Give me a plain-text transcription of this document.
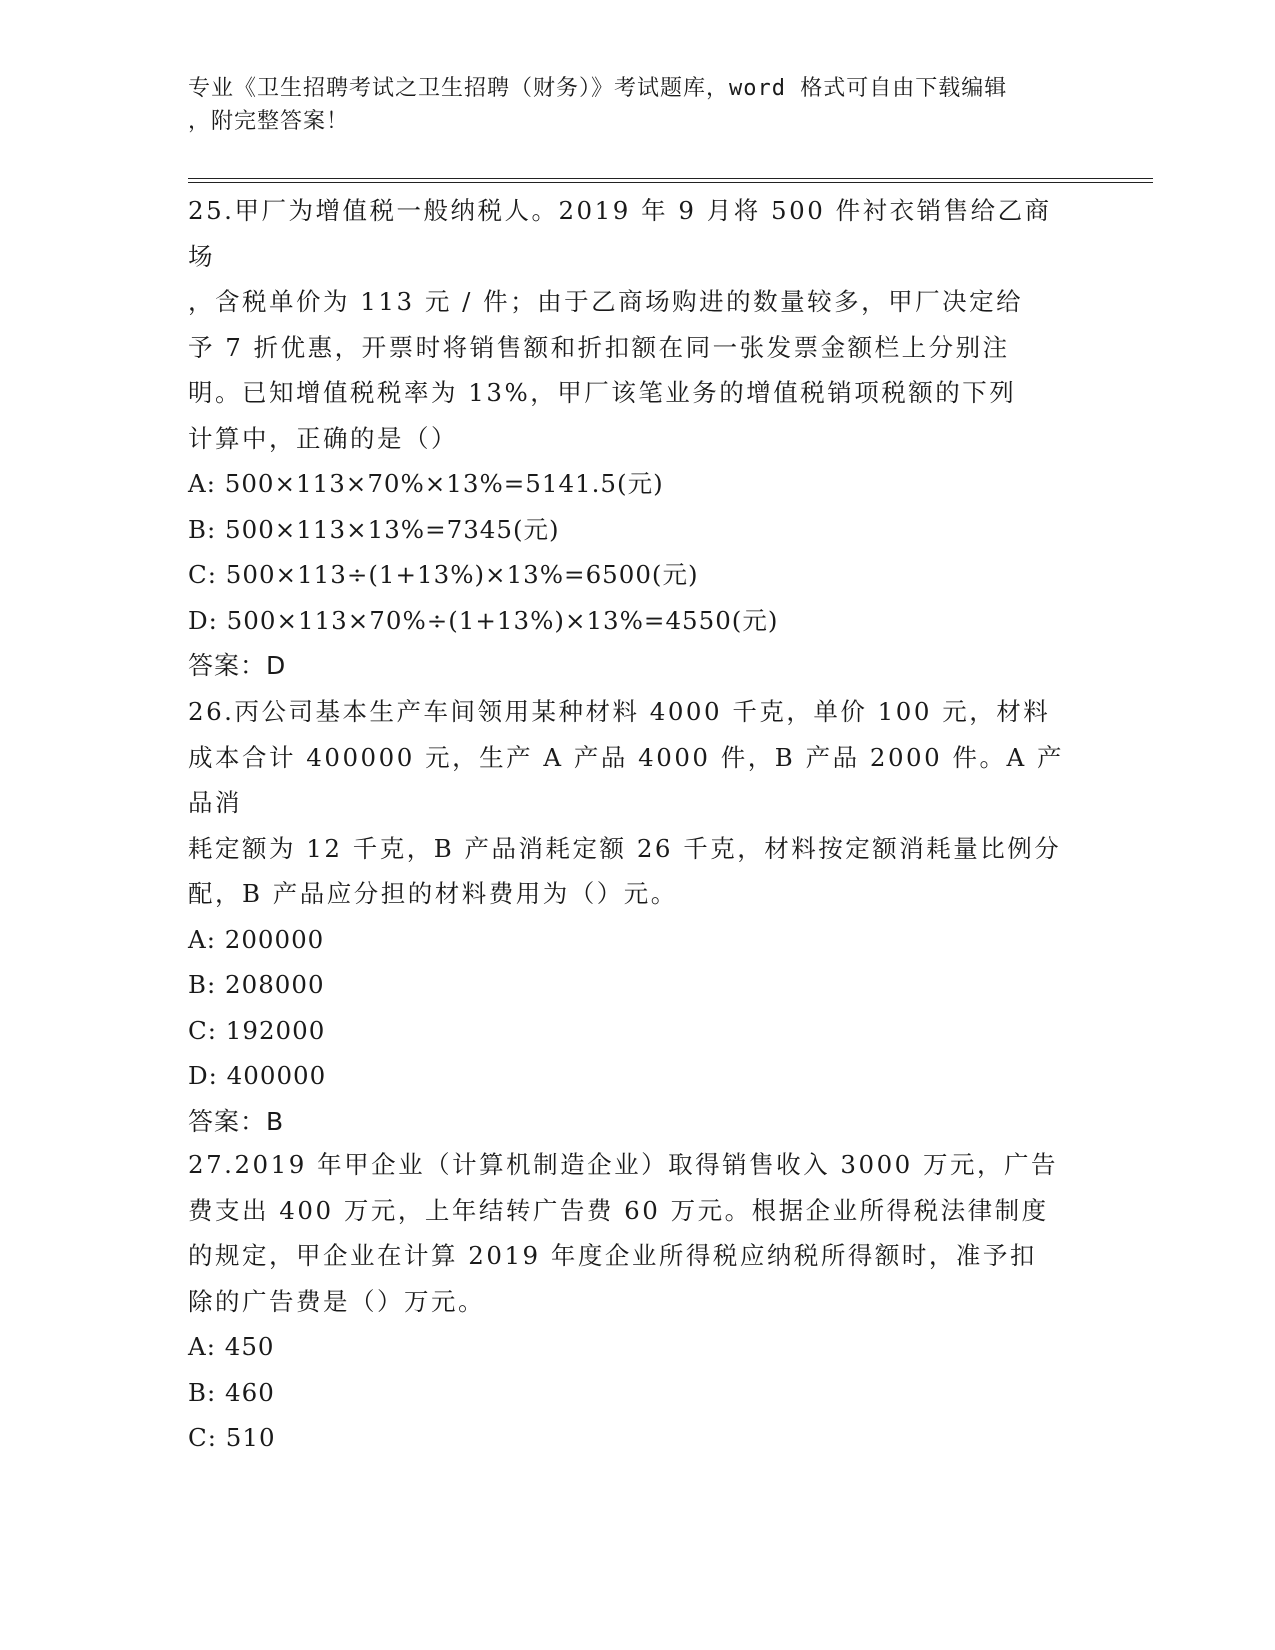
专业《卫生招聘考试之卫生招聘（财务）》考试题库，word 格式可自由下载编辑
，附完整答案！

25.甲厂为增值税一般纳税人。2019 年 9 月将 500 件衬衣销售给乙商场

，含税单价为 113 元 / 件；由于乙商场购进的数量较多，甲厂决定给

予 7 折优惠，开票时将销售额和折扣额在同一张发票金额栏上分别注

明。已知增值税税率为 13%，甲厂该笔业务的增值税销项税额的下列

计算中，正确的是（）

A: 500×113×70%×13%=5141.5(元)

B: 500×113×13%=7345(元)

C: 500×113÷(1+13%)×13%=6500(元)

D: 500×113×70%÷(1+13%)×13%=4550(元)

答案：D

26.丙公司基本生产车间领用某种材料 4000 千克，单价 100 元，材料

成本合计 400000 元，生产 A 产品 4000 件，B 产品 2000 件。A 产品消

耗定额为 12 千克，B 产品消耗定额 26 千克，材料按定额消耗量比例分

配，B 产品应分担的材料费用为（）元。

A: 200000

B: 208000

C: 192000

D: 400000

答案：B

27.2019 年甲企业（计算机制造企业）取得销售收入 3000 万元，广告

费支出 400 万元，上年结转广告费 60 万元。根据企业所得税法律制度

的规定，甲企业在计算 2019 年度企业所得税应纳税所得额时，准予扣

除的广告费是（）万元。

A: 450

B: 460

C: 510
